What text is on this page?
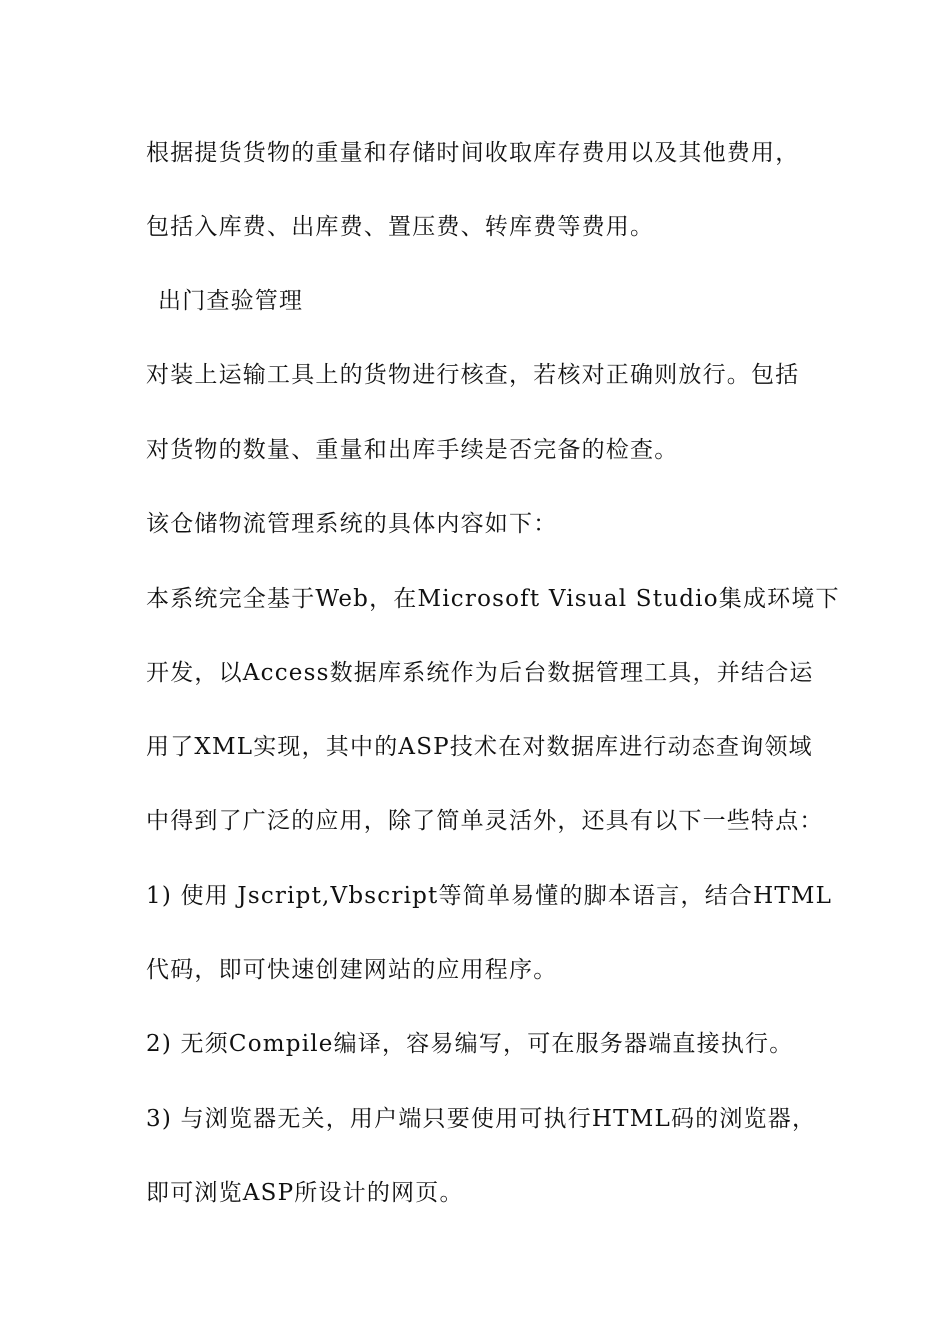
根据提货货物的重量和存储时间收取库存费用以及其他费用，
包括入库费、出库费、置压费、转库费等费用。
出门查验管理
对装上运输工具上的货物进行核查，若核对正确则放行。包括
对货物的数量、重量和出库手续是否完备的检查。
该仓储物流管理系统的具体内容如下：
本系统完全基于Web，在Microsoft Visual Studio集成环境下
开发，以Access数据库系统作为后台数据管理工具，并结合运
用了XML实现，其中的ASP技术在对数据库进行动态查询领域
中得到了广泛的应用，除了简单灵活外，还具有以下一些特点：
1) 使用 Jscript,Vbscript等简单易懂的脚本语言，结合HTML
代码，即可快速创建网站的应用程序。
2) 无须Compile编译，容易编写，可在服务器端直接执行。
3) 与浏览器无关，用户端只要使用可执行HTML码的浏览器，
即可浏览ASP所设计的网页。
